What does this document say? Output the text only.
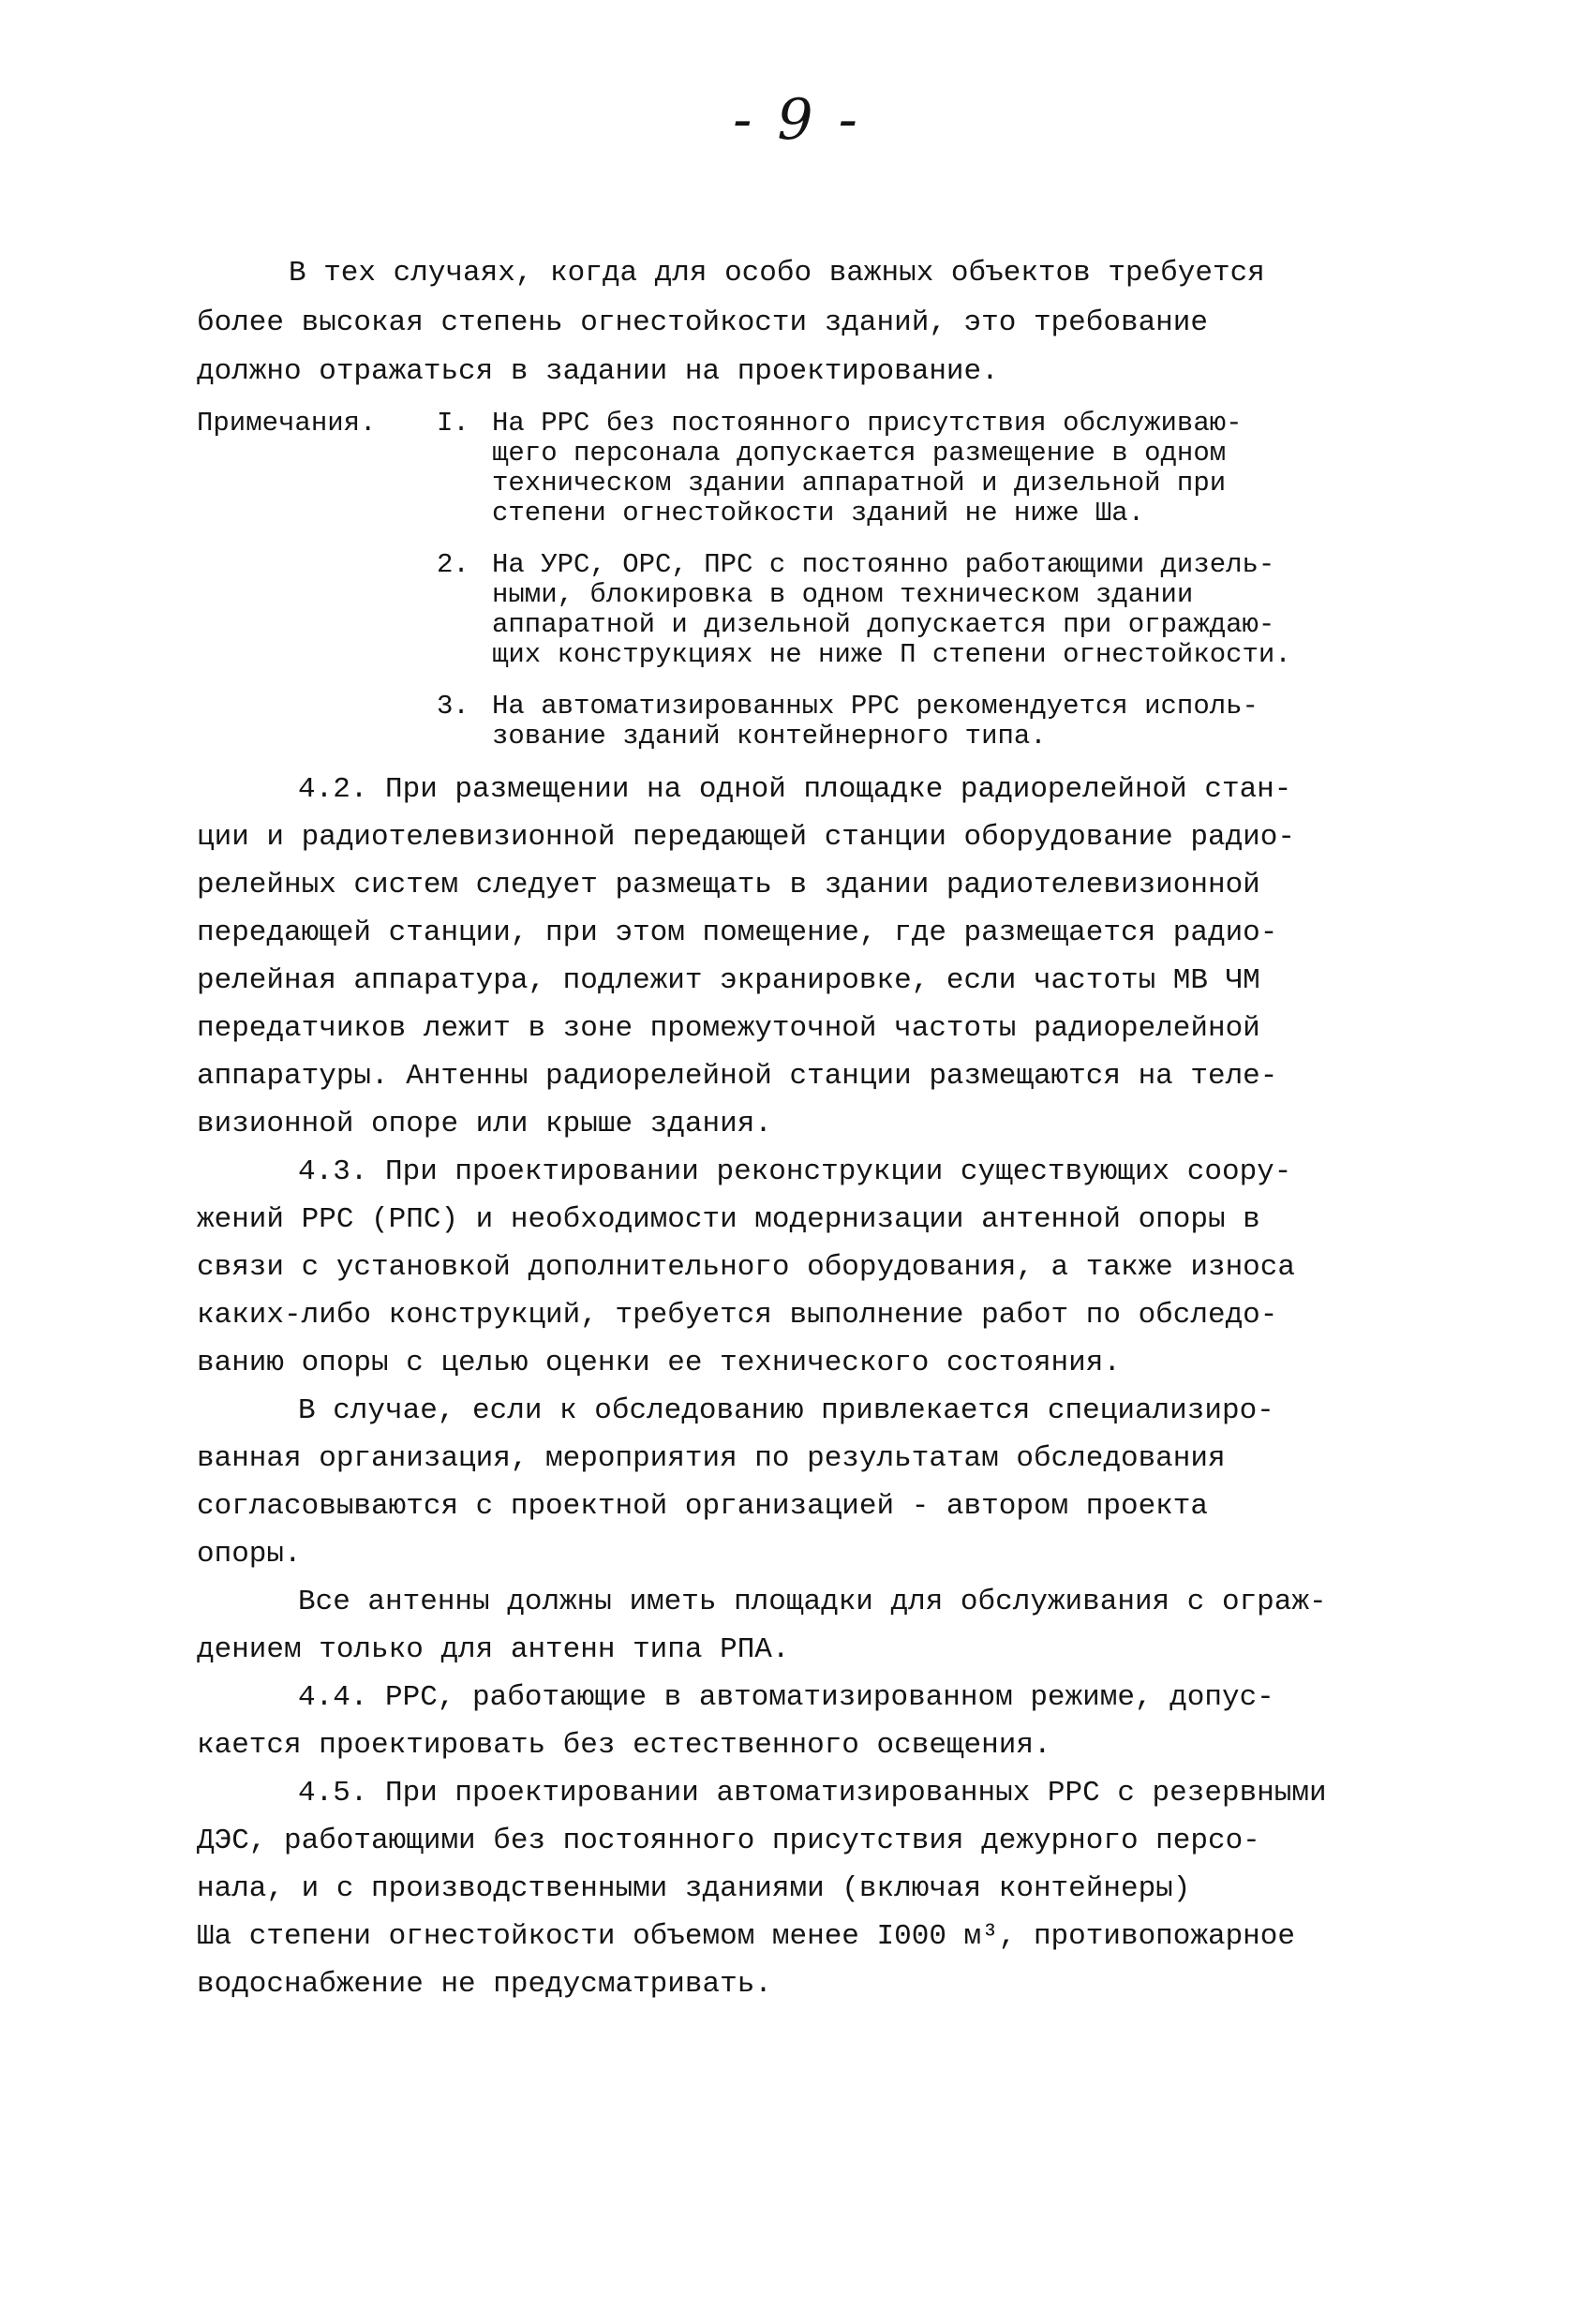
- 9 -
В тех случаях, когда для особо важных объектов требуется
более высокая степень огнестойкости зданий, это требование
должно отражаться в задании на проектирование.
Примечания. I. На РРС без постоянного присутствия обслуживаю-
щего персонала допускается размещение в одном
техническом здании аппаратной и дизельной при
степени огнестойкости зданий не ниже Ша.
2. На УРС, ОРС, ПРС с постоянно работающими дизель-
ными, блокировка в одном техническом здании
аппаратной и дизельной допускается при ограждаю-
щих конструкциях не ниже П степени огнестойкости.
3. На автоматизированных РРС рекомендуется исполь-
зование зданий контейнерного типа.
4.2. При размещении на одной площадке радиорелейной стан-
ции и радиотелевизионной передающей станции оборудование радио-
релейных систем следует размещать в здании радиотелевизионной
передающей станции, при этом помещение, где размещается радио-
релейная аппаратура, подлежит экранировке, если частоты МВ ЧМ
передатчиков лежит в зоне промежуточной частоты радиорелейной
аппаратуры. Антенны радиорелейной станции размещаются на теле-
визионной опоре или крыше здания.
4.3. При проектировании реконструкции существующих соору-
жений РРС (РПС) и необходимости модернизации антенной опоры в
связи с установкой дополнительного оборудования, а также износа
каких-либо конструкций, требуется выполнение работ по обследо-
ванию опоры с целью оценки ее технического состояния.
В случае, если к обследованию привлекается специализиро-
ванная организация, мероприятия по результатам обследования
согласовываются с проектной организацией - автором проекта
опоры.
Все антенны должны иметь площадки для обслуживания с ограж-
дением только для антенн типа РПА.
4.4. РРС, работающие в автоматизированном режиме, допус-
кается проектировать без естественного освещения.
4.5. При проектировании автоматизированных РРС с резервными
ДЭС, работающими без постоянного присутствия дежурного персо-
нала, и с производственными зданиями (включая контейнеры)
Ша степени огнестойкости объемом менее I000 м³, противопожарное
водоснабжение не предусматривать.
